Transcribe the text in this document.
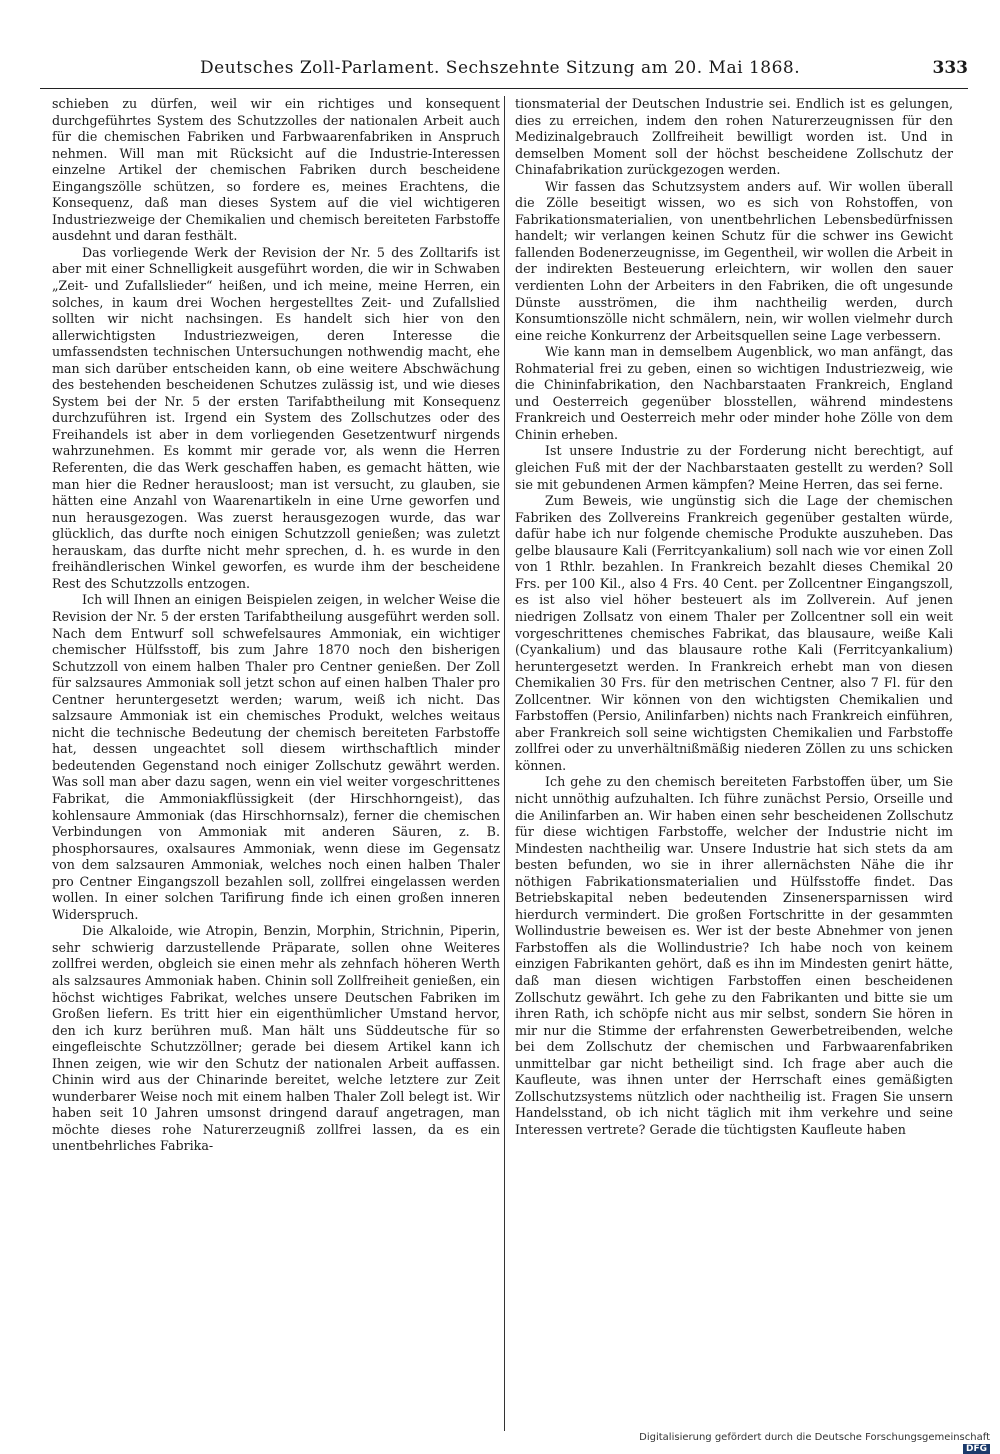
Deutsches Zoll-Parlament. Sechszehnte Sitzung am 20. Mai 1868.	333

schieben zu dürfen, weil wir ein richtiges und konsequent durchgeführtes System des Schutzzolles der nationalen Arbeit auch für die chemischen Fabriken und Farbwaarenfabriken in Anspruch nehmen. Will man mit Rücksicht auf die Industrie-Interessen einzelne Artikel der chemischen Fabriken durch bescheidene Eingangszölle schützen, so fordere es, meines Erachtens, die Konsequenz, daß man dieses System auf die viel wichtigeren Industriezweige der Chemikalien und chemisch bereiteten Farbstoffe ausdehnt und daran festhält.

Das vorliegende Werk der Revision der Nr. 5 des Zolltarifs ist aber mit einer Schnelligkeit ausgeführt worden, die wir in Schwaben „Zeit- und Zufallslieder“ heißen, und ich meine, meine Herren, ein solches, in kaum drei Wochen hergestelltes Zeit- und Zufallslied sollten wir nicht nachsingen. Es handelt sich hier von den allerwichtigsten Industriezweigen, deren Interesse die umfassendsten technischen Untersuchungen nothwendig macht, ehe man sich darüber entscheiden kann, ob eine weitere Abschwächung des bestehenden bescheidenen Schutzes zulässig ist, und wie dieses System bei der Nr. 5 der ersten Tarifabtheilung mit Konsequenz durchzuführen ist. Irgend ein System des Zollschutzes oder des Freihandels ist aber in dem vorliegenden Gesetzentwurf nirgends wahrzunehmen. Es kommt mir gerade vor, als wenn die Herren Referenten, die das Werk geschaffen haben, es gemacht hätten, wie man hier die Redner herausloost; man ist versucht, zu glauben, sie hätten eine Anzahl von Waarenartikeln in eine Urne geworfen und nun herausgezogen. Was zuerst herausgezogen wurde, das war glücklich, das durfte noch einigen Schutzzoll genießen; was zuletzt herauskam, das durfte nicht mehr sprechen, d. h. es wurde in den freihändlerischen Winkel geworfen, es wurde ihm der bescheidene Rest des Schutzzolls entzogen.

Ich will Ihnen an einigen Beispielen zeigen, in welcher Weise die Revision der Nr. 5 der ersten Tarifabtheilung ausgeführt werden soll. Nach dem Entwurf soll schwefelsaures Ammoniak, ein wichtiger chemischer Hülfsstoff, bis zum Jahre 1870 noch den bisherigen Schutzzoll von einem halben Thaler pro Centner genießen. Der Zoll für salzsaures Ammoniak soll jetzt schon auf einen halben Thaler pro Centner heruntergesetzt werden; warum, weiß ich nicht. Das salzsaure Ammoniak ist ein chemisches Produkt, welches weitaus nicht die technische Bedeutung der chemisch bereiteten Farbstoffe hat, dessen ungeachtet soll diesem wirthschaftlich minder bedeutenden Gegenstand noch einiger Zollschutz gewährt werden. Was soll man aber dazu sagen, wenn ein viel weiter vorgeschrittenes Fabrikat, die Ammoniakflüssigkeit (der Hirschhorngeist), das kohlensaure Ammoniak (das Hirschhornsalz), ferner die chemischen Verbindungen von Ammoniak mit anderen Säuren, z. B. phosphorsaures, oxalsaures Ammoniak, wenn diese im Gegensatz von dem salzsauren Ammoniak, welches noch einen halben Thaler pro Centner Eingangszoll bezahlen soll, zollfrei eingelassen werden wollen. In einer solchen Tarifirung finde ich einen großen inneren Widerspruch.

Die Alkaloide, wie Atropin, Benzin, Morphin, Strichnin, Piperin, sehr schwierig darzustellende Präparate, sollen ohne Weiteres zollfrei werden, obgleich sie einen mehr als zehnfach höheren Werth als salzsaures Ammoniak haben. Chinin soll Zollfreiheit genießen, ein höchst wichtiges Fabrikat, welches unsere Deutschen Fabriken im Großen liefern. Es tritt hier ein eigenthümlicher Umstand hervor, den ich kurz berühren muß. Man hält uns Süddeutsche für so eingefleischte Schutzzöllner; gerade bei diesem Artikel kann ich Ihnen zeigen, wie wir den Schutz der nationalen Arbeit auffassen. Chinin wird aus der Chinarinde bereitet, welche letztere zur Zeit wunderbarer Weise noch mit einem halben Thaler Zoll belegt ist. Wir haben seit 10 Jahren umsonst dringend darauf angetragen, man möchte dieses rohe Naturerzeugniß zollfrei lassen, da es ein unentbehrliches Fabrika-

tionsmaterial der Deutschen Industrie sei. Endlich ist es gelungen, dies zu erreichen, indem den rohen Naturerzeugnissen für den Medizinalgebrauch Zollfreiheit bewilligt worden ist. Und in demselben Moment soll der höchst bescheidene Zollschutz der Chinafabrikation zurückgezogen werden.

Wir fassen das Schutzsystem anders auf. Wir wollen überall die Zölle beseitigt wissen, wo es sich von Rohstoffen, von Fabrikationsmaterialien, von unentbehrlichen Lebensbedürfnissen handelt; wir verlangen keinen Schutz für die schwer ins Gewicht fallenden Bodenerzeugnisse, im Gegentheil, wir wollen die Arbeit in der indirekten Besteuerung erleichtern, wir wollen den sauer verdienten Lohn der Arbeiters in den Fabriken, die oft ungesunde Dünste ausströmen, die ihm nachtheilig werden, durch Konsumtionszölle nicht schmälern, nein, wir wollen vielmehr durch eine reiche Konkurrenz der Arbeitsquellen seine Lage verbessern.

Wie kann man in demselbem Augenblick, wo man anfängt, das Rohmaterial frei zu geben, einen so wichtigen Industriezweig, wie die Chininfabrikation, den Nachbarstaaten Frankreich, England und Oesterreich gegenüber blosstellen, während mindestens Frankreich und Oesterreich mehr oder minder hohe Zölle von dem Chinin erheben.

Ist unsere Industrie zu der Forderung nicht berechtigt, auf gleichen Fuß mit der der Nachbarstaaten gestellt zu werden? Soll sie mit gebundenen Armen kämpfen? Meine Herren, das sei ferne.

Zum Beweis, wie ungünstig sich die Lage der chemischen Fabriken des Zollvereins Frankreich gegenüber gestalten würde, dafür habe ich nur folgende chemische Produkte auszuheben. Das gelbe blausaure Kali (Ferritcyankalium) soll nach wie vor einen Zoll von 1 Rthlr. bezahlen. In Frankreich bezahlt dieses Chemikal 20 Frs. per 100 Kil., also 4 Frs. 40 Cent. per Zollcentner Eingangszoll, es ist also viel höher besteuert als im Zollverein. Auf jenen niedrigen Zollsatz von einem Thaler per Zollcentner soll ein weit vorgeschrittenes chemisches Fabrikat, das blausaure, weiße Kali (Cyankalium) und das blausaure rothe Kali (Ferritcyankalium) heruntergesetzt werden. In Frankreich erhebt man von diesen Chemikalien 30 Frs. für den metrischen Centner, also 7 Fl. für den Zollcentner. Wir können von den wichtigsten Chemikalien und Farbstoffen (Persio, Anilinfarben) nichts nach Frankreich einführen, aber Frankreich soll seine wichtigsten Chemikalien und Farbstoffe zollfrei oder zu unverhältnißmäßig niederen Zöllen zu uns schicken können.

Ich gehe zu den chemisch bereiteten Farbstoffen über, um Sie nicht unnöthig aufzuhalten. Ich führe zunächst Persio, Orseille und die Anilinfarben an. Wir haben einen sehr bescheidenen Zollschutz für diese wichtigen Farbstoffe, welcher der Industrie nicht im Mindesten nachtheilig war. Unsere Industrie hat sich stets da am besten befunden, wo sie in ihrer allernächsten Nähe die ihr nöthigen Fabrikationsmaterialien und Hülfsstoffe findet. Das Betriebskapital neben bedeutenden Zinsenersparnissen wird hierdurch vermindert. Die großen Fortschritte in der gesammten Wollindustrie beweisen es. Wer ist der beste Abnehmer von jenen Farbstoffen als die Wollindustrie? Ich habe noch von keinem einzigen Fabrikanten gehört, daß es ihn im Mindesten genirt hätte, daß man diesen wichtigen Farbstoffen einen bescheidenen Zollschutz gewährt. Ich gehe zu den Fabrikanten und bitte sie um ihren Rath, ich schöpfe nicht aus mir selbst, sondern Sie hören in mir nur die Stimme der erfahrensten Gewerbetreibenden, welche bei dem Zollschutz der chemischen und Farbwaarenfabriken unmittelbar gar nicht betheiligt sind. Ich frage aber auch die Kaufleute, was ihnen unter der Herrschaft eines gemäßigten Zollschutzsystems nützlich oder nachtheilig ist. Fragen Sie unsern Handelsstand, ob ich nicht täglich mit ihm verkehre und seine Interessen vertrete? Gerade die tüchtigsten Kaufleute haben

Digitalisierung gefördert durch die Deutsche Forschungsgemeinschaft DFG
